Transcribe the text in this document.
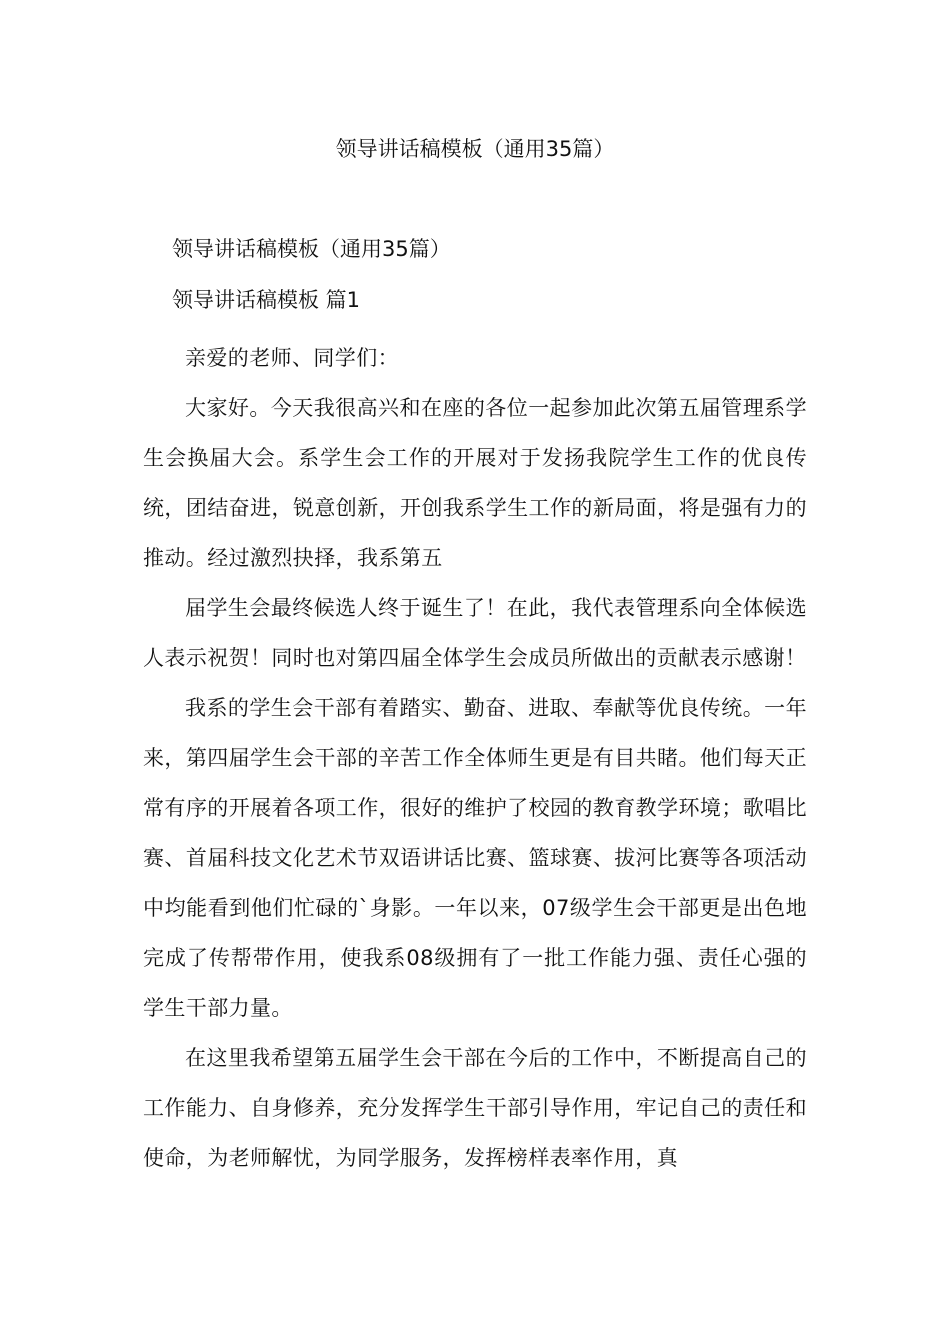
领导讲话稿模板（通用35篇）
领导讲话稿模板（通用35篇）
领导讲话稿模板 篇1

亲爱的老师、同学们：

大家好。今天我很高兴和在座的各位一起参加此次第五届管理系学生会换届大会。系学生会工作的开展对于发扬我院学生工作的优良传统，团结奋进，锐意创新，开创我系学生工作的新局面，将是强有力的推动。经过激烈抉择，我系第五

届学生会最终候选人终于诞生了！在此，我代表管理系向全体候选人表示祝贺！同时也对第四届全体学生会成员所做出的贡献表示感谢！

我系的学生会干部有着踏实、勤奋、进取、奉献等优良传统。一年来，第四届学生会干部的辛苦工作全体师生更是有目共睹。他们每天正常有序的开展着各项工作，很好的维护了校园的教育教学环境；歌唱比赛、首届科技文化艺术节双语讲话比赛、篮球赛、拔河比赛等各项活动中均能看到他们忙碌的`身影。一年以来，07级学生会干部更是出色地完成了传帮带作用，使我系08级拥有了一批工作能力强、责任心强的学生干部力量。

在这里我希望第五届学生会干部在今后的工作中，不断提高自己的工作能力、自身修养，充分发挥学生干部引导作用，牢记自己的责任和使命，为老师解忧，为同学服务，发挥榜样表率作用，真
